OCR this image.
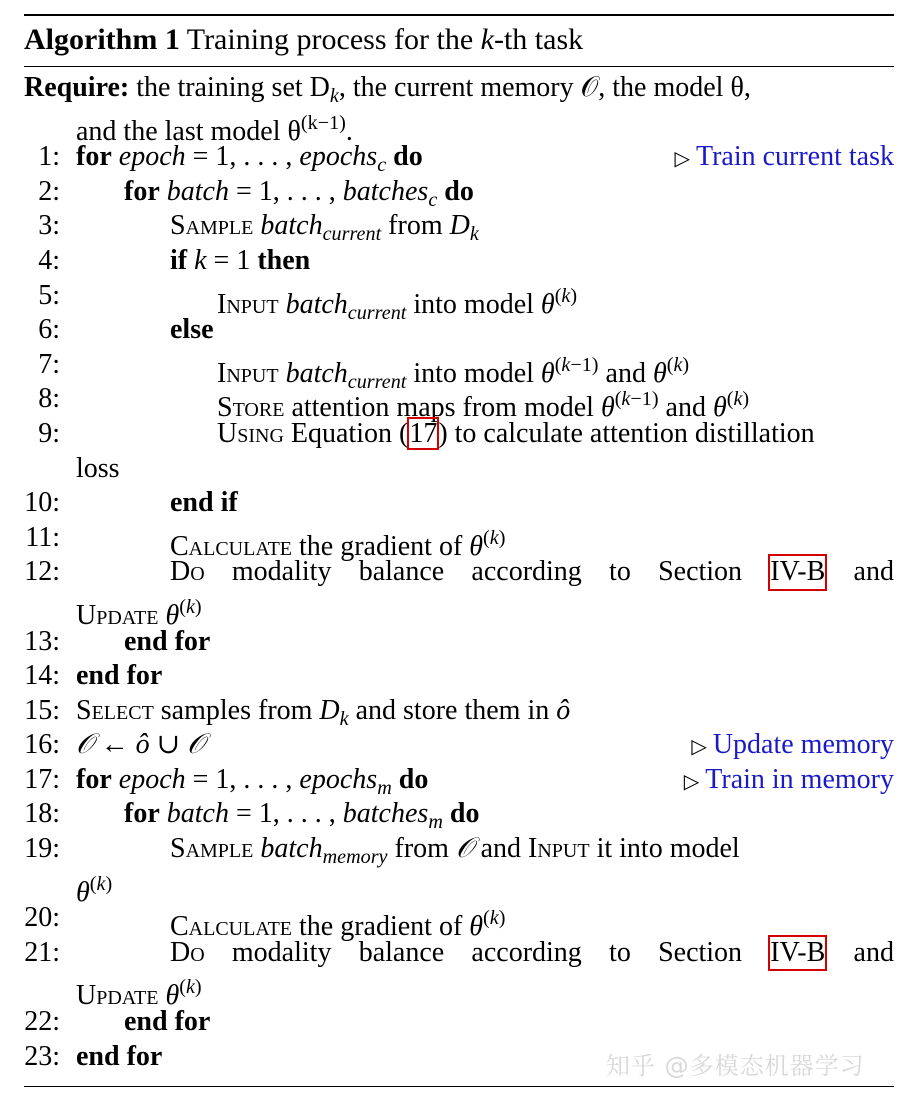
Algorithm 1 Training process for the k-th task
Require: the training set $D_k$, the current memory 𝒪, the model θ,
and the last model $\theta^{(k-1)}$.
1: for epoch = 1, . . . , epochs$_c$ do	▷ Train current task
2: for batch = 1, . . . , batches$_c$ do
3:	Sample batch$_{current}$ from $D_k$
4:	if k = 1 then
5:	Input batch$_{current}$ into model $\theta^{(k)}$
6:	else
7:	Input batch$_{current}$ into model $\theta^{(k-1)}$ and $\theta^{(k)}$
8:	Store attention maps from model $\theta^{(k-1)}$ and $\theta^{(k)}$
9:	Using Equation (17) to calculate attention distillation
loss
10:	end if
11:	Calculate the gradient of $\theta^{(k)}$
12:	Do modality balance according to Section IV-B and
Update $\theta^{(k)}$
13: end for
14: end for
15: Select samples from $D_k$ and store them in ô
16: 𝒪 ← ô ∪ 𝒪	▷ Update memory
17: for epoch = 1, . . . , epochs$_m$ do	▷ Train in memory
18: for batch = 1, . . . , batches$_m$ do
19:	Sample batch$_{memory}$ from 𝒪 and Input it into model
$\theta^{(k)}$
20:	Calculate the gradient of $\theta^{(k)}$
21:	Do modality balance according to Section IV-B and
Update $\theta^{(k)}$
22: end for
23: end for	知乎 @多模态机器学习
